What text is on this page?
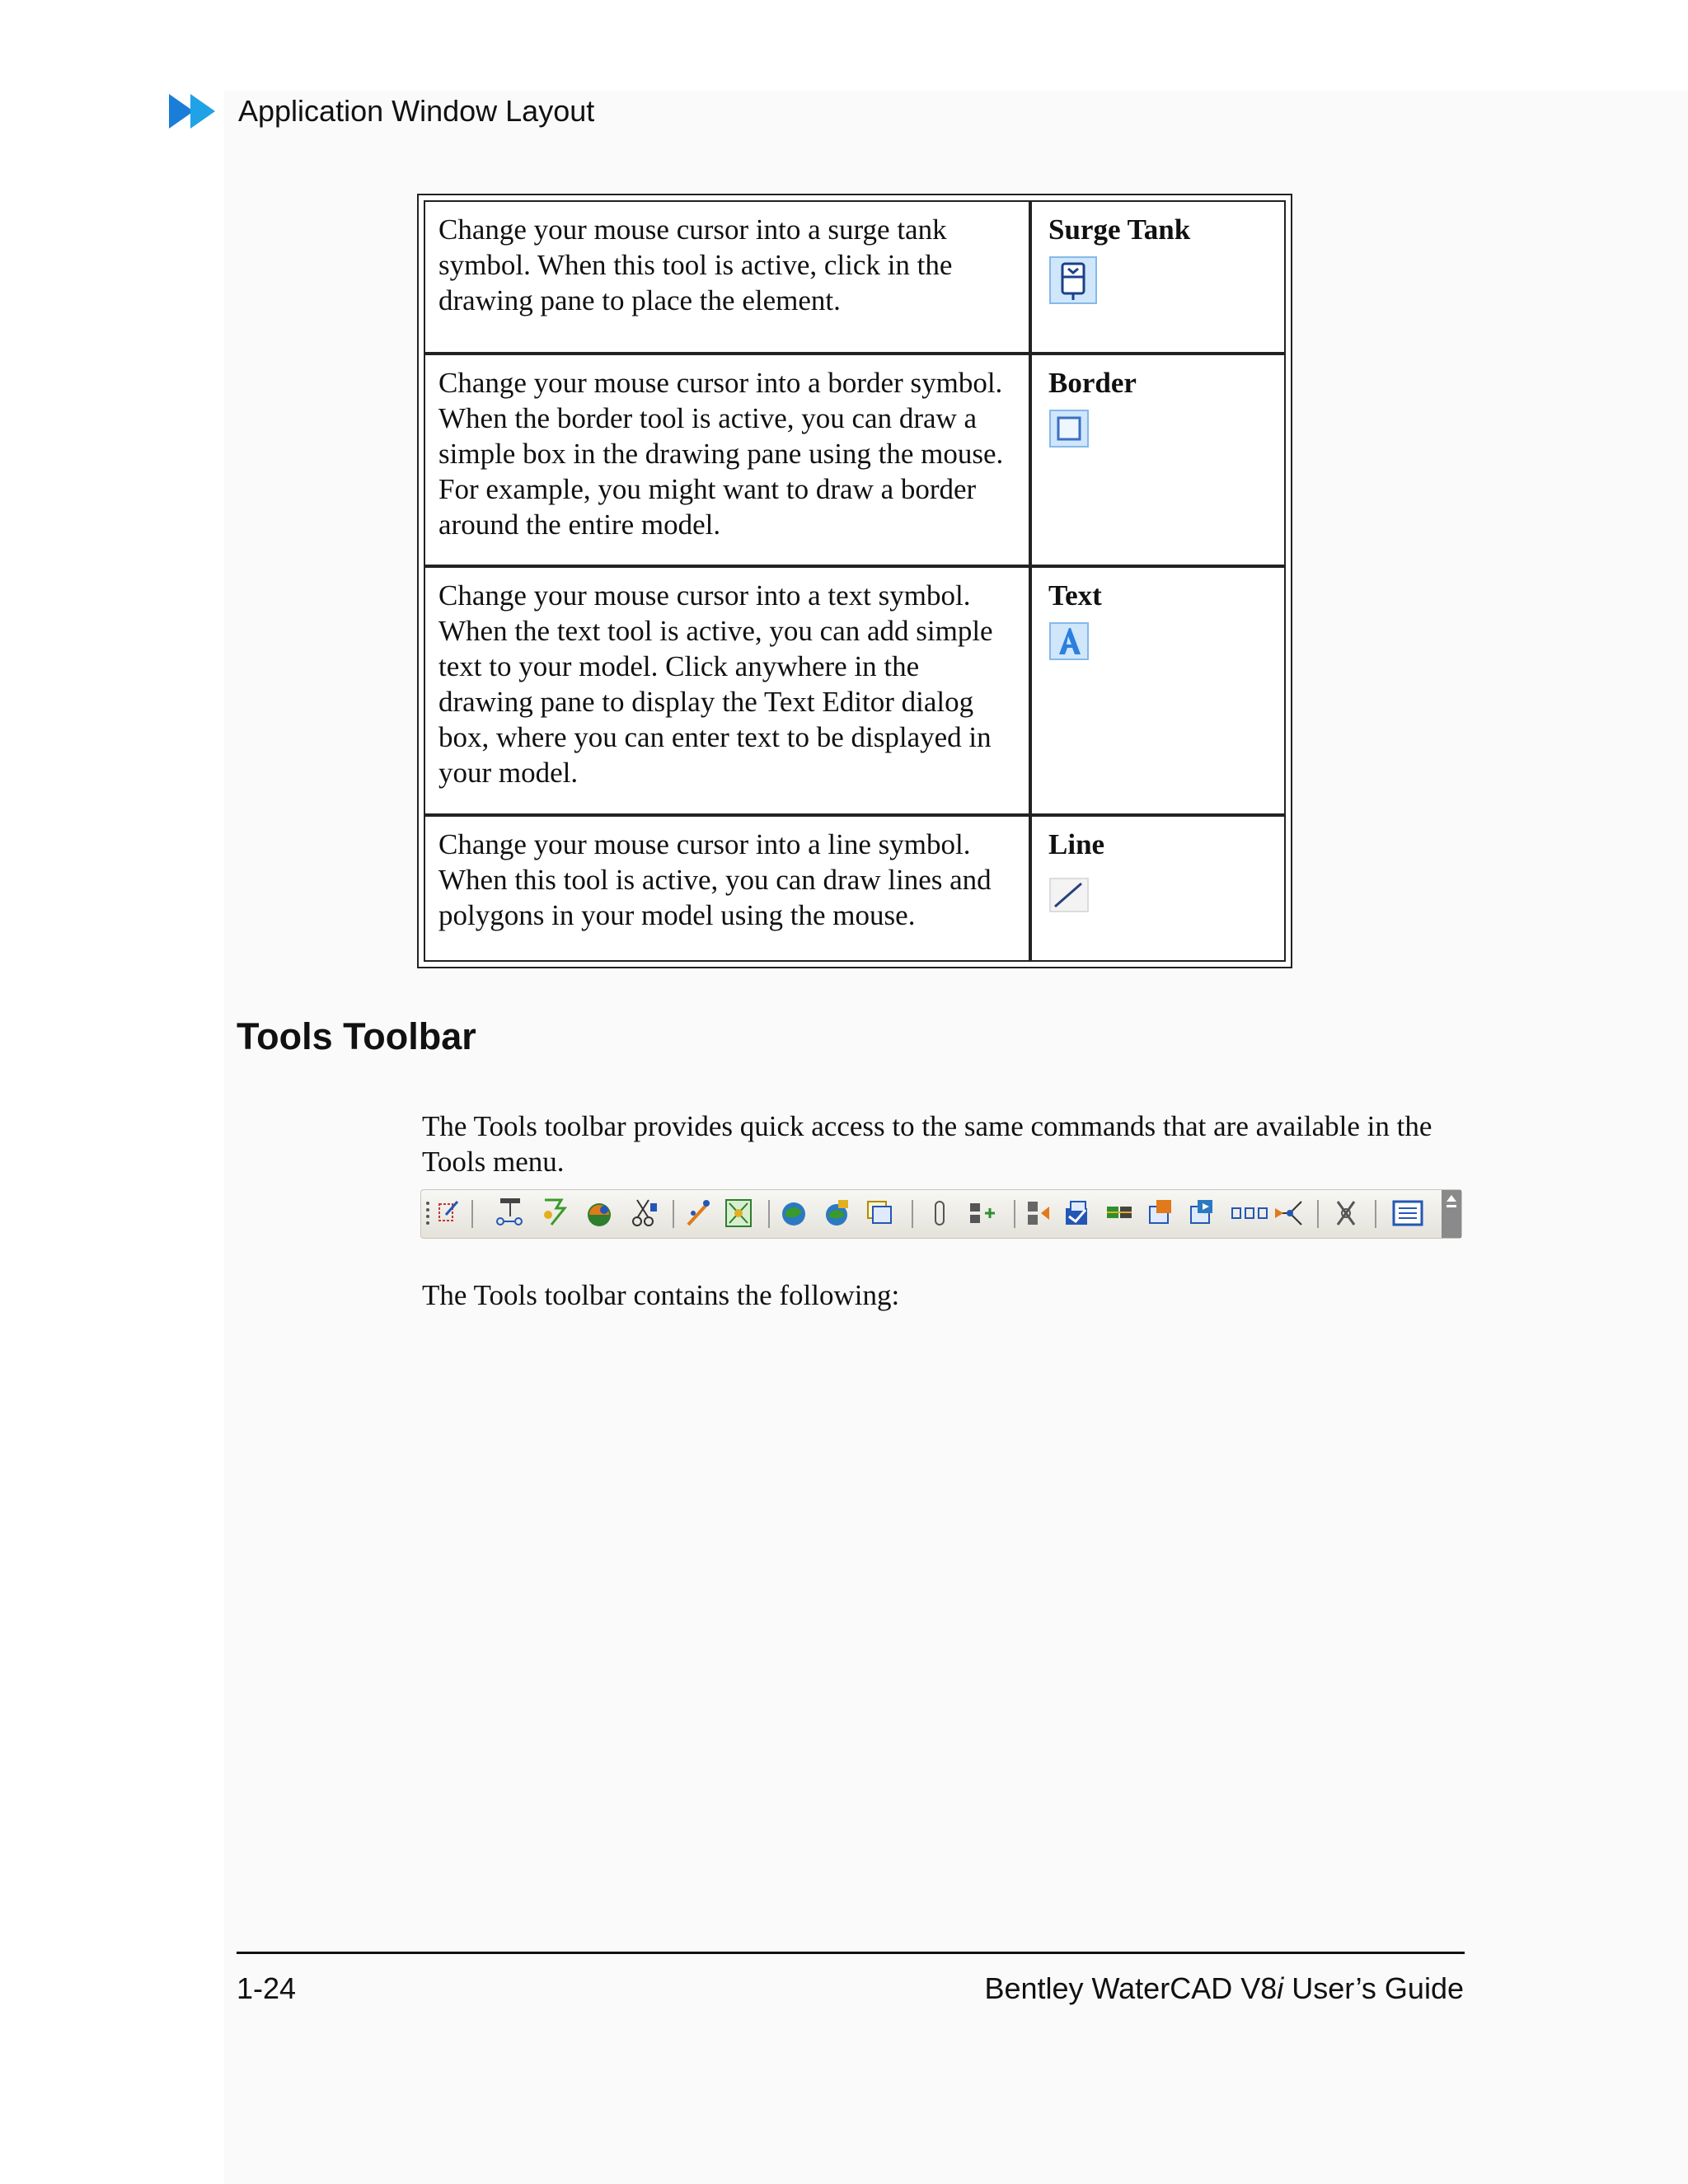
Application Window Layout
Change your mouse cursor into a surge tank symbol. When this tool is active, click in the drawing pane to place the element.	Surge Tank

Change your mouse cursor into a border symbol. When the border tool is active, you can draw a simple box in the drawing pane using the mouse. For example, you might want to draw a border around the entire model.	Border

Change your mouse cursor into a text symbol. When the text tool is active, you can add simple text to your model. Click anywhere in the drawing pane to display the Text Editor dialog box, where you can enter text to be displayed in your model.	Text

Change your mouse cursor into a line symbol. When this tool is active, you can draw lines and polygons in your model using the mouse.	Line
Tools Toolbar
The Tools toolbar provides quick access to the same commands that are available in the Tools menu.
The Tools toolbar contains the following:
1-24	Bentley WaterCAD V8i User’s Guide
